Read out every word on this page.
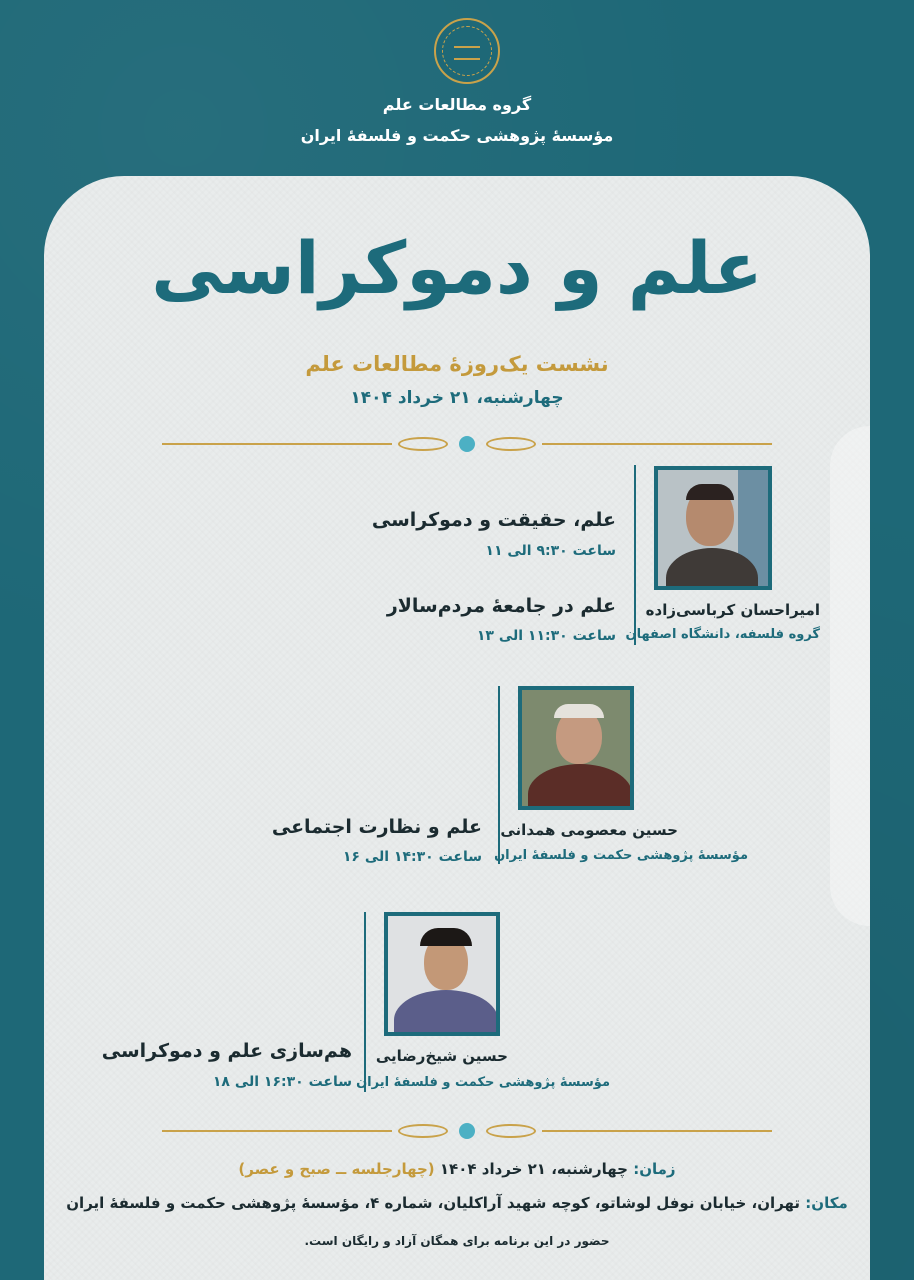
گروه مطالعات علم
مؤسسهٔ پژوهشی حکمت و فلسفهٔ ایران
علم و دموکراسی
نشست یک‌روزهٔ مطالعات علم
چهارشنبه، ۲۱ خرداد ۱۴۰۴
امیراحسان کرباسی‌زاده
گروه فلسفه، دانشگاه اصفهان
علم، حقیقت و دموکراسی
ساعت ۹:۳۰ الی ۱۱
علم در جامعهٔ مردم‌سالار
ساعت ۱۱:۳۰ الی ۱۳
حسین معصومی همدانی
مؤسسهٔ پژوهشی حکمت و فلسفهٔ ایران
علم و نظارت اجتماعی
ساعت ۱۴:۳۰ الی ۱۶
حسین شیخ‌رضایی
مؤسسهٔ پژوهشی حکمت و فلسفهٔ ایران
هم‌سازی علم و دموکراسی
ساعت ۱۶:۳۰ الی ۱۸
زمان: چهارشنبه، ۲۱ خرداد ۱۴۰۴ (چهارجلسه ــ صبح و عصر)
مکان: تهران، خیابان نوفل لوشاتو، کوچه شهید آراکلیان، شماره ۴، مؤسسهٔ پژوهشی حکمت و فلسفهٔ ایران
حضور در این برنامه برای همگان آزاد و رایگان است.
